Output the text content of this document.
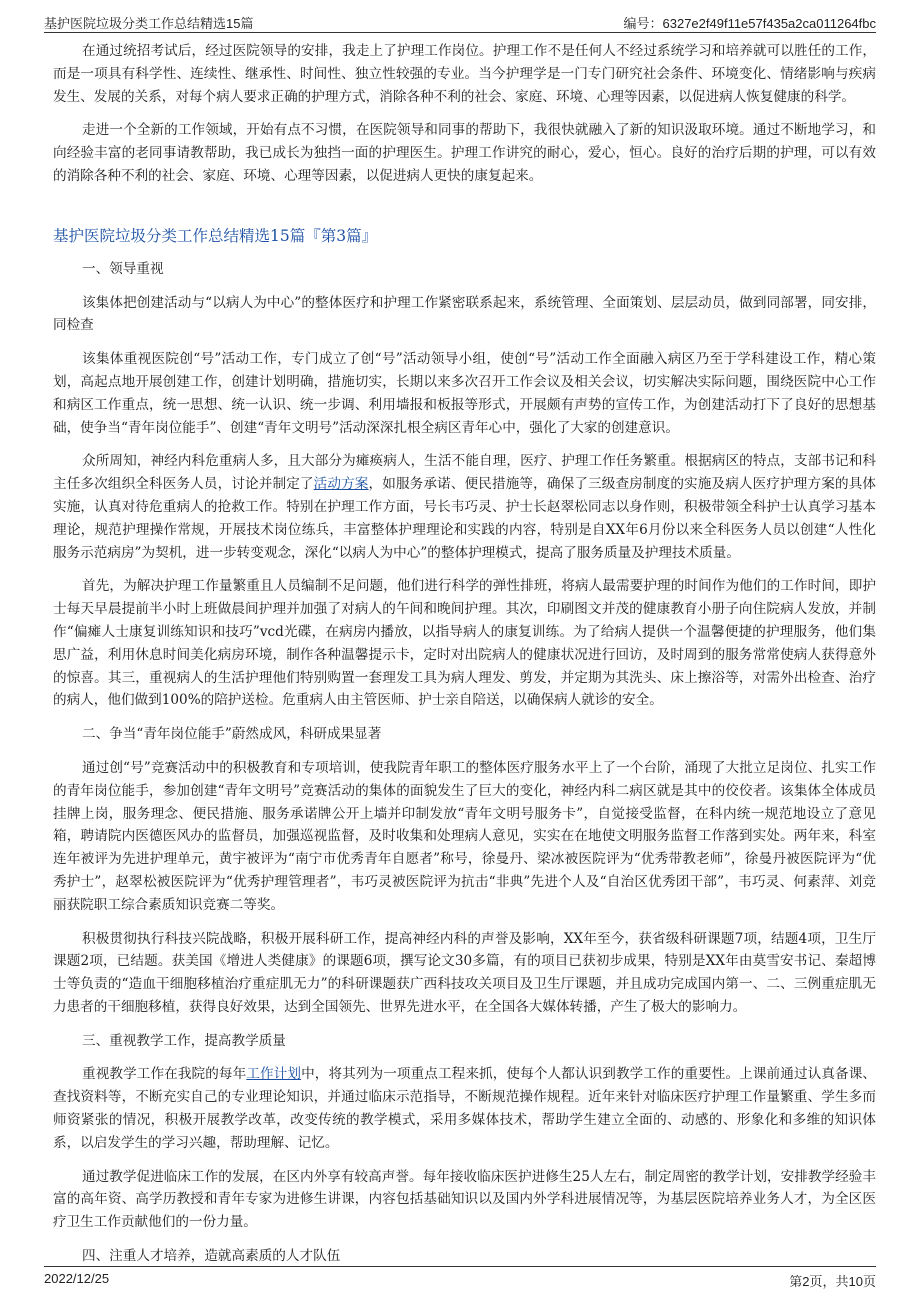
基护医院垃圾分类工作总结精选15篇	编号：6327e2f49f11e57f435a2ca011264fbc

在通过统招考试后，经过医院领导的安排，我走上了护理工作岗位。护理工作不是任何人不经过系统学习和培养就可以胜任的工作，而是一项具有科学性、连续性、继承性、时间性、独立性较强的专业。当今护理学是一门专门研究社会条件、环境变化、情绪影响与疾病发生、发展的关系，对每个病人要求正确的护理方式，消除各种不利的社会、家庭、环境、心理等因素，以促进病人恢复健康的科学。

走进一个全新的工作领域，开始有点不习惯，在医院领导和同事的帮助下，我很快就融入了新的知识汲取环境。通过不断地学习，和向经验丰富的老同事请教帮助，我已成长为独挡一面的护理医生。护理工作讲究的耐心，爱心，恒心。良好的治疗后期的护理，可以有效的消除各种不利的社会、家庭、环境、心理等因素，以促进病人更快的康复起来。

基护医院垃圾分类工作总结精选15篇『第3篇』

一、领导重视

该集体把创建活动与“以病人为中心”的整体医疗和护理工作紧密联系起来，系统管理、全面策划、层层动员，做到同部署，同安排，同检查

该集体重视医院创“号”活动工作，专门成立了创“号”活动领导小组，使创“号”活动工作全面融入病区乃至于学科建设工作，精心策划，高起点地开展创建工作，创建计划明确，措施切实，长期以来多次召开工作会议及相关会议，切实解决实际问题，围绕医院中心工作和病区工作重点，统一思想、统一认识、统一步调、利用墙报和板报等形式，开展颇有声势的宣传工作，为创建活动打下了良好的思想基础，使争当“青年岗位能手”、创建“青年文明号”活动深深扎根全病区青年心中，强化了大家的创建意识。

众所周知，神经内科危重病人多，且大部分为瘫痪病人，生活不能自理，医疗、护理工作任务繁重。根据病区的特点，支部书记和科主任多次组织全科医务人员，讨论并制定了活动方案，如服务承诺、便民措施等，确保了三级查房制度的实施及病人医疗护理方案的具体实施，认真对待危重病人的抢救工作。特别在护理工作方面，号长韦巧灵、护士长赵翠松同志以身作则，积极带领全科护士认真学习基本理论，规范护理操作常规，开展技术岗位练兵，丰富整体护理理论和实践的内容，特别是自XX年6月份以来全科医务人员以创建“人性化服务示范病房”为契机，进一步转变观念，深化“以病人为中心”的整体护理模式，提高了服务质量及护理技术质量。

首先，为解决护理工作量繁重且人员编制不足问题，他们进行科学的弹性排班，将病人最需要护理的时间作为他们的工作时间，即护士每天早晨提前半小时上班做晨间护理并加强了对病人的午间和晚间护理。其次，印刷图文并茂的健康教育小册子向住院病人发放，并制作“偏瘫人士康复训练知识和技巧”vcd光碟，在病房内播放，以指导病人的康复训练。为了给病人提供一个温馨便捷的护理服务，他们集思广益，利用休息时间美化病房环境，制作各种温馨提示卡，定时对出院病人的健康状况进行回访，及时周到的服务常常使病人获得意外的惊喜。其三，重视病人的生活护理他们特别购置一套理发工具为病人理发、剪发，并定期为其洗头、床上擦浴等，对需外出检查、治疗的病人，他们做到100%的陪护送检。危重病人由主管医师、护士亲自陪送，以确保病人就诊的安全。

二、争当“青年岗位能手”蔚然成风，科研成果显著

通过创“号”竞赛活动中的积极教育和专项培训，使我院青年职工的整体医疗服务水平上了一个台阶，涌现了大批立足岗位、扎实工作的青年岗位能手，参加创建“青年文明号”竞赛活动的集体的面貌发生了巨大的变化，神经内科二病区就是其中的佼佼者。该集体全体成员挂牌上岗，服务理念、便民措施、服务承诺牌公开上墙并印制发放“青年文明号服务卡”，自觉接受监督，在科内统一规范地设立了意见箱，聘请院内医德医风办的监督员，加强巡视监督，及时收集和处理病人意见，实实在在地使文明服务监督工作落到实处。两年来，科室连年被评为先进护理单元，黄宇被评为“南宁市优秀青年自愿者”称号，徐曼丹、梁冰被医院评为“优秀带教老师”，徐曼丹被医院评为“优秀护士”，赵翠松被医院评为“优秀护理管理者”，韦巧灵被医院评为抗击“非典”先进个人及“自治区优秀团干部”，韦巧灵、何素萍、刘竞丽获院职工综合素质知识竞赛二等奖。

积极贯彻执行科技兴院战略，积极开展科研工作，提高神经内科的声誉及影响，XX年至今，获省级科研课题7项，结题4项，卫生厅课题2项，已结题。获美国《增进人类健康》的课题6项，撰写论文30多篇，有的项目已获初步成果，特别是XX年由莫雪安书记、秦超博士等负责的“造血干细胞移植治疗重症肌无力”的科研课题获广西科技攻关项目及卫生厅课题，并且成功完成国内第一、二、三例重症肌无力患者的干细胞移植，获得良好效果，达到全国领先、世界先进水平，在全国各大媒体转播，产生了极大的影响力。

三、重视教学工作，提高教学质量

重视教学工作在我院的每年工作计划中，将其列为一项重点工程来抓，使每个人都认识到教学工作的重要性。上课前通过认真备课、查找资料等，不断充实自己的专业理论知识，并通过临床示范指导，不断规范操作规程。近年来针对临床医疗护理工作量繁重、学生多而师资紧张的情况，积极开展教学改革，改变传统的教学模式，采用多媒体技术，帮助学生建立全面的、动感的、形象化和多维的知识体系，以启发学生的学习兴趣，帮助理解、记忆。

通过教学促进临床工作的发展，在区内外享有较高声誉。每年接收临床医护进修生25人左右，制定周密的教学计划，安排教学经验丰富的高年资、高学历教授和青年专家为进修生讲课，内容包括基础知识以及国内外学科进展情况等，为基层医院培养业务人才，为全区医疗卫生工作贡献他们的一份力量。

四、注重人才培养，造就高素质的人才队伍

2022/12/25	第2页，共10页
